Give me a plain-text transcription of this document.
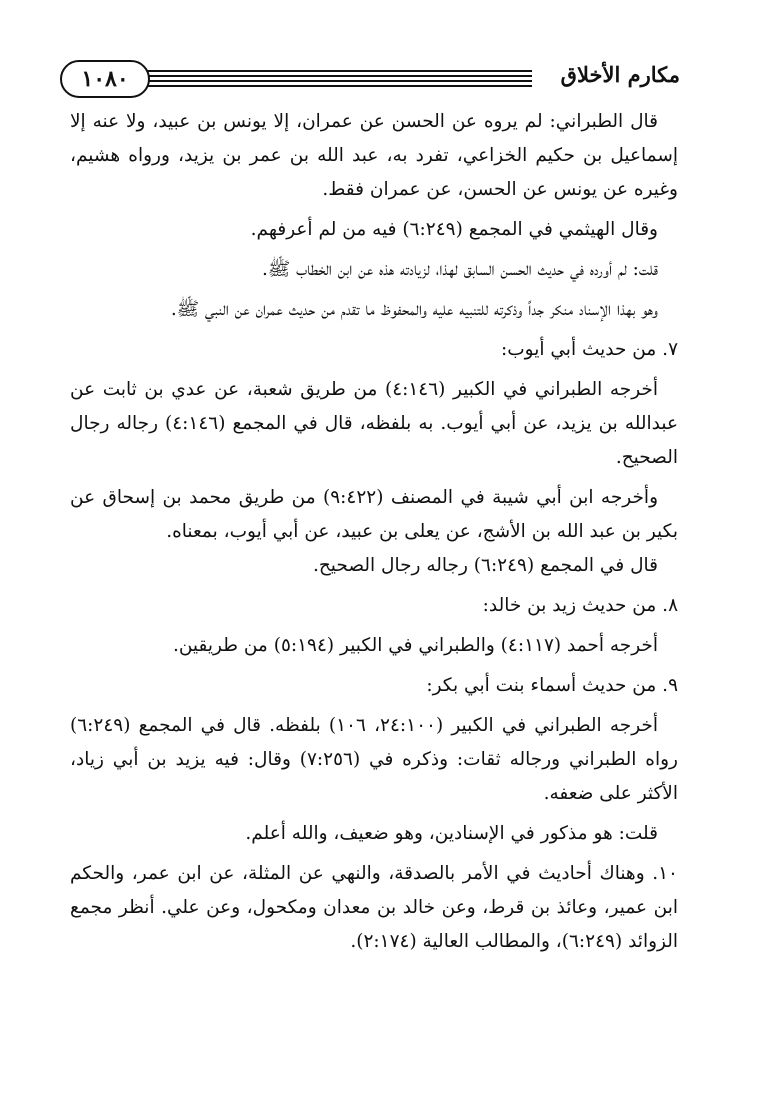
١٠٨٠	مكارم الأخلاق

قال الطبراني: لم يروه عن الحسن عن عمران، إلا يونس بن عبيد، ولا عنه إلا إسماعيل بن حكيم الخزاعي، تفرد به، عبد الله بن عمر بن يزيد، ورواه هشيم، وغيره عن يونس عن الحسن، عن عمران فقط.

وقال الهيثمي في المجمع (٦:٢٤٩) فيه من لم أعرفهم.

قلت: لم أورده في حديث الحسن السابق لهذا، لزيادته هذه عن ابن الخطاب ﷺ.

وهو بهذا الإسناد منكر جداً وذكرته للتنبيه عليه والمحفوظ ما تقدم من حديث عمران عن النبي ﷺ.

٧. من حديث أبي أيوب:

أخرجه الطبراني في الكبير (٤:١٤٦) من طريق شعبة، عن عدي بن ثابت عن عبدالله بن يزيد، عن أبي أيوب. به بلفظه، قال في المجمع (٤:١٤٦) رجاله رجال الصحيح.

وأخرجه ابن أبي شيبة في المصنف (٩:٤٢٢) من طريق محمد بن إسحاق عن بكير بن عبد الله بن الأشج، عن يعلى بن عبيد، عن أبي أيوب، بمعناه.

قال في المجمع (٦:٢٤٩) رجاله رجال الصحيح.

٨. من حديث زيد بن خالد:

أخرجه أحمد (٤:١١٧) والطبراني في الكبير (٥:١٩٤) من طريقين.

٩. من حديث أسماء بنت أبي بكر:

أخرجه الطبراني في الكبير (٢٤:١٠٠، ١٠٦) بلفظه. قال في المجمع (٦:٢٤٩) رواه الطبراني ورجاله ثقات: وذكره في (٧:٢٥٦) وقال: فيه يزيد بن أبي زياد، الأكثر على ضعفه.

قلت: هو مذكور في الإسنادين، وهو ضعيف، والله أعلم.

١٠. وهناك أحاديث في الأمر بالصدقة، والنهي عن المثلة، عن ابن عمر، والحكم ابن عمير، وعائذ بن قرط، وعن خالد بن معدان ومكحول، وعن علي. أنظر مجمع الزوائد (٦:٢٤٩)، والمطالب العالية (٢:١٧٤).
